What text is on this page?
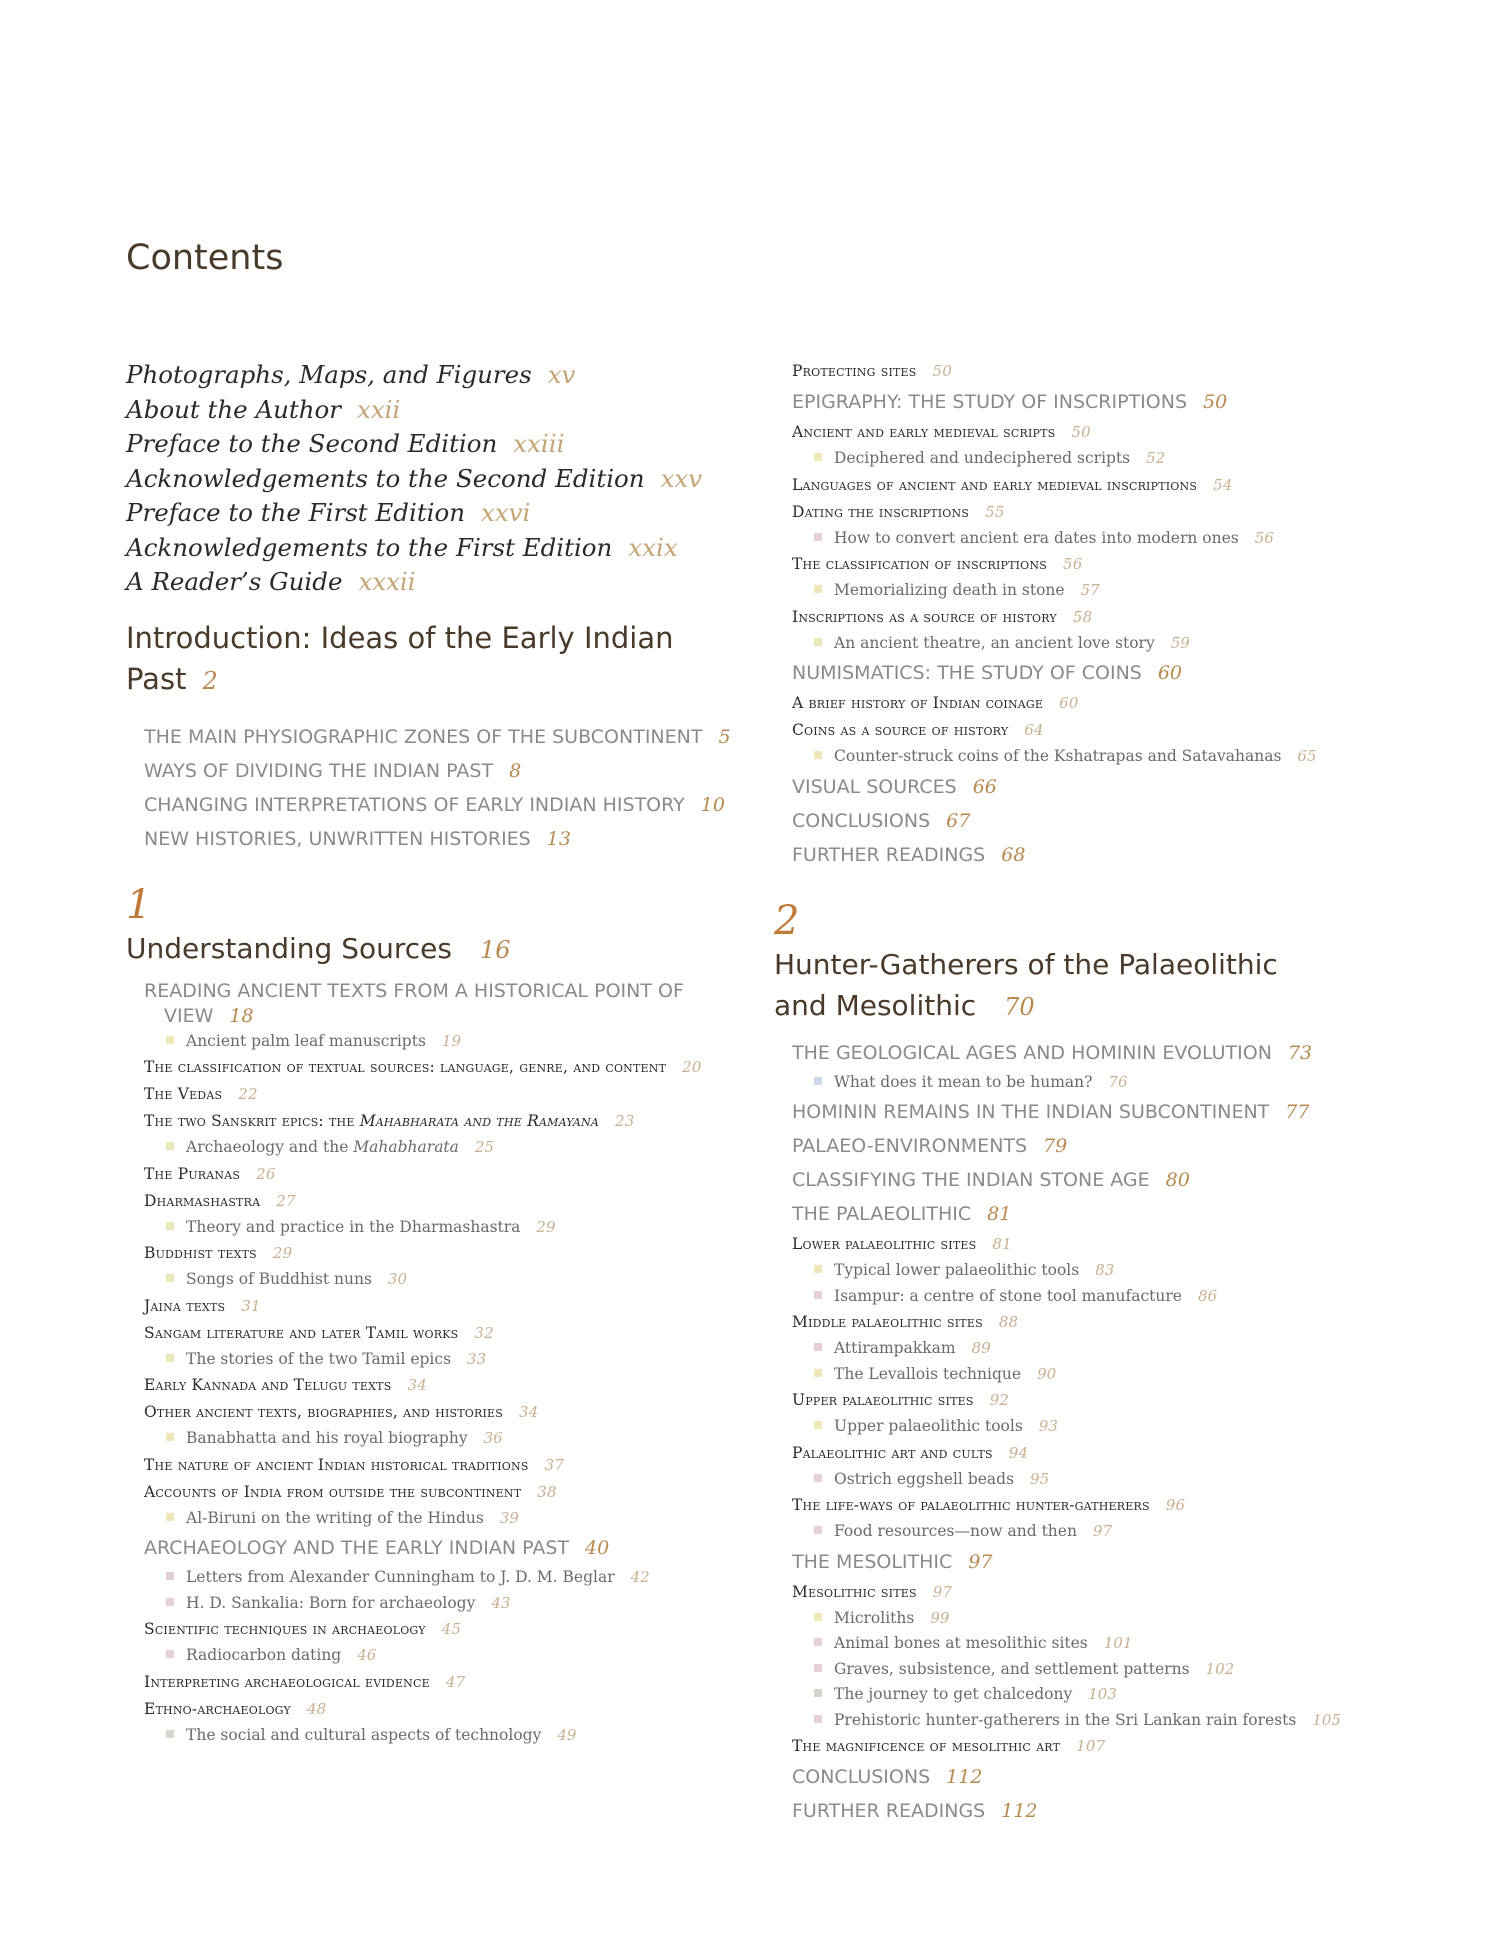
Contents
Photographs, Maps, and Figures xv
About the Author xxii
Preface to the Second Edition xxiii
Acknowledgements to the Second Edition xxv
Preface to the First Edition xxvi
Acknowledgements to the First Edition xxix
A Reader’s Guide xxxii
Introduction: Ideas of the Early Indian
Past 2
THE MAIN PHYSIOGRAPHIC ZONES OF THE SUBCONTINENT 5
WAYS OF DIVIDING THE INDIAN PAST 8
CHANGING INTERPRETATIONS OF EARLY INDIAN HISTORY 10
NEW HISTORIES, UNWRITTEN HISTORIES 13
1
Understanding Sources 16
READING ANCIENT TEXTS FROM A HISTORICAL POINT OF VIEW 18
Ancient palm leaf manuscripts 19
The classification of textual sources: language, genre, and content 20
The Vedas 22
The two Sanskrit epics: the Mahabharata and the Ramayana 23
Archaeology and the Mahabharata 25
The Puranas 26
Dharmashastra 27
Theory and practice in the Dharmashastra 29
Buddhist texts 29
Songs of Buddhist nuns 30
Jaina texts 31
Sangam literature and later Tamil works 32
The stories of the two Tamil epics 33
Early Kannada and Telugu texts 34
Other ancient texts, biographies, and histories 34
Banabhatta and his royal biography 36
The nature of ancient Indian historical traditions 37
Accounts of India from outside the subcontinent 38
Al-Biruni on the writing of the Hindus 39
ARCHAEOLOGY AND THE EARLY INDIAN PAST 40
Letters from Alexander Cunningham to J. D. M. Beglar 42
H. D. Sankalia: Born for archaeology 43
Scientific techniques in archaeology 45
Radiocarbon dating 46
Interpreting archaeological evidence 47
Ethno-archaeology 48
The social and cultural aspects of technology 49
Protecting sites 50
EPIGRAPHY: THE STUDY OF INSCRIPTIONS 50
Ancient and early medieval scripts 50
Deciphered and undeciphered scripts 52
Languages of ancient and early medieval inscriptions 54
Dating the inscriptions 55
How to convert ancient era dates into modern ones 56
The classification of inscriptions 56
Memorializing death in stone 57
Inscriptions as a source of history 58
An ancient theatre, an ancient love story 59
NUMISMATICS: THE STUDY OF COINS 60
A brief history of Indian coinage 60
Coins as a source of history 64
Counter-struck coins of the Kshatrapas and Satavahanas 65
VISUAL SOURCES 66
CONCLUSIONS 67
FURTHER READINGS 68
2
Hunter-Gatherers of the Palaeolithic
and Mesolithic 70
THE GEOLOGICAL AGES AND HOMININ EVOLUTION 73
What does it mean to be human? 76
HOMININ REMAINS IN THE INDIAN SUBCONTINENT 77
PALAEO-ENVIRONMENTS 79
CLASSIFYING THE INDIAN STONE AGE 80
THE PALAEOLITHIC 81
Lower palaeolithic sites 81
Typical lower palaeolithic tools 83
Isampur: a centre of stone tool manufacture 86
Middle palaeolithic sites 88
Attirampakkam 89
The Levallois technique 90
Upper palaeolithic sites 92
Upper palaeolithic tools 93
Palaeolithic art and cults 94
Ostrich eggshell beads 95
The life-ways of palaeolithic hunter-gatherers 96
Food resources—now and then 97
THE MESOLITHIC 97
Mesolithic sites 97
Microliths 99
Animal bones at mesolithic sites 101
Graves, subsistence, and settlement patterns 102
The journey to get chalcedony 103
Prehistoric hunter-gatherers in the Sri Lankan rain forests 105
The magnificence of mesolithic art 107
CONCLUSIONS 112
FURTHER READINGS 112
